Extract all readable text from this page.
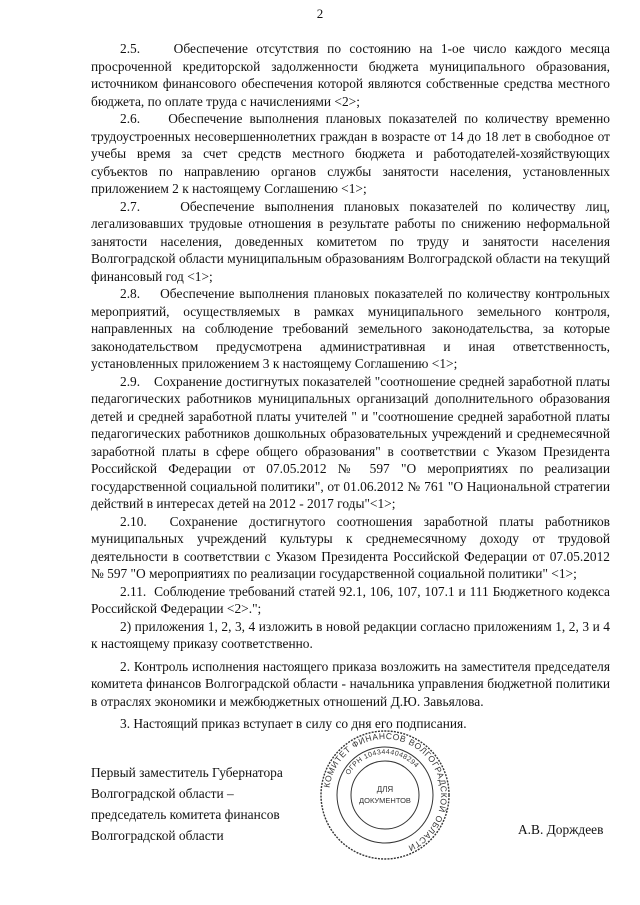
2

2.5.    Обеспечение отсутствия по состоянию на 1-ое число каждого месяца просроченной кредиторской задолженности бюджета муниципального образования, источником финансового обеспечения которой являются собственные средства местного бюджета, по оплате труда с начислениями <2>;

2.6.    Обеспечение выполнения плановых показателей по количеству временно трудоустроенных несовершеннолетних граждан в возрасте от 14 до 18 лет в свободное от учебы время за счет средств местного бюджета и работодателей-хозяйствующих субъектов по направлению органов службы занятости населения, установленных приложением 2 к настоящему Соглашению <1>;

2.7.    Обеспечение выполнения плановых показателей по количеству лиц, легализовавших трудовые отношения в результате работы по снижению неформальной занятости населения, доведенных комитетом по труду и занятости населения Волгоградской области муниципальным образованиям Волгоградской области на текущий финансовый год <1>;

2.8.    Обеспечение выполнения плановых показателей по количеству контрольных мероприятий, осуществляемых в рамках муниципального земельного контроля, направленных на соблюдение требований земельного законодательства, за которые законодательством предусмотрена административная и иная ответственность, установленных приложением 3 к настоящему Соглашению <1>;

2.9.    Сохранение достигнутых показателей "соотношение средней заработной платы педагогических работников муниципальных организаций дополнительного образования детей и средней заработной платы учителей " и "соотношение средней заработной платы педагогических работников дошкольных образовательных учреждений и среднемесячной заработной платы в сфере общего образования" в соответствии с Указом Президента Российской Федерации от 07.05.2012 № 597 "О мероприятиях по реализации государственной социальной политики", от 01.06.2012 № 761 "О Национальной стратегии действий в интересах детей на 2012 - 2017 годы"<1>;

2.10.  Сохранение достигнутого соотношения заработной платы работников муниципальных учреждений культуры к среднемесячному доходу от трудовой деятельности в соответствии с Указом Президента Российской Федерации от 07.05.2012 № 597 "О мероприятиях по реализации государственной социальной политики" <1>;

2.11.  Соблюдение требований статей 92.1, 106, 107, 107.1 и 111 Бюджетного кодекса Российской Федерации <2>.";

2) приложения 1, 2, 3, 4 изложить в новой редакции согласно приложениям 1, 2, 3 и 4 к настоящему приказу соответственно.

2. Контроль исполнения настоящего приказа возложить на заместителя председателя комитета финансов Волгоградской области - начальника управления бюджетной политики в отраслях экономики и межбюджетных отношений Д.Ю. Завьялова.

3. Настоящий приказ вступает в силу со дня его подписания.

Первый заместитель Губернатора
Волгоградской области –
председатель комитета финансов
Волгоградской области
КОМИТЕТ ФИНАНСОВ ВОЛГОГРАДСКОЙ ОБЛАСТИ
ОГРН 1043444048294
ДЛЯ
ДОКУМЕНТОВ
А.В. Дорждеев
